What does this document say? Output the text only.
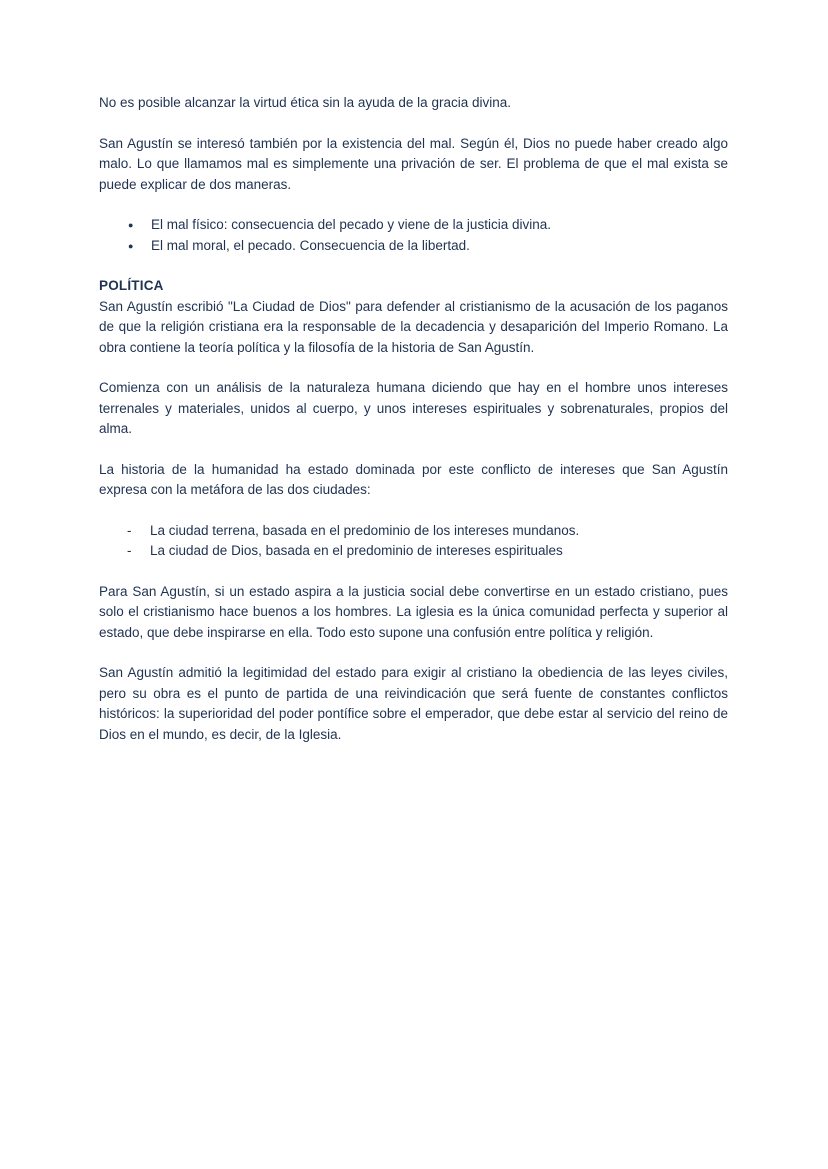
No es posible alcanzar la virtud ética sin la ayuda de la gracia divina.

San Agustín se interesó también por la existencia del mal. Según él, Dios no puede haber creado algo malo. Lo que llamamos mal es simplemente una privación de ser. El problema de que el mal exista se puede explicar de dos maneras.

● El mal físico: consecuencia del pecado y viene de la justicia divina.
● El mal moral, el pecado. Consecuencia de la libertad.
POLÍTICA

San Agustín escribió "La Ciudad de Dios" para defender al cristianismo de la acusación de los paganos de que la religión cristiana era la responsable de la decadencia y desaparición del Imperio Romano. La obra contiene la teoría política y la filosofía de la historia de San Agustín.

Comienza con un análisis de la naturaleza humana diciendo que hay en el hombre unos intereses terrenales y materiales, unidos al cuerpo, y unos intereses espirituales y sobrenaturales, propios del alma.

La historia de la humanidad ha estado dominada por este conflicto de intereses que San Agustín expresa con la metáfora de las dos ciudades:

- La ciudad terrena, basada en el predominio de los intereses mundanos.
- La ciudad de Dios, basada en el predominio de intereses espirituales

Para San Agustín, si un estado aspira a la justicia social debe convertirse en un estado cristiano, pues solo el cristianismo hace buenos a los hombres. La iglesia es la única comunidad perfecta y superior al estado, que debe inspirarse en ella. Todo esto supone una confusión entre política y religión.

San Agustín admitió la legitimidad del estado para exigir al cristiano la obediencia de las leyes civiles, pero su obra es el punto de partida de una reivindicación que será fuente de constantes conflictos históricos: la superioridad del poder pontífice sobre el emperador, que debe estar al servicio del reino de Dios en el mundo, es decir, de la Iglesia.
